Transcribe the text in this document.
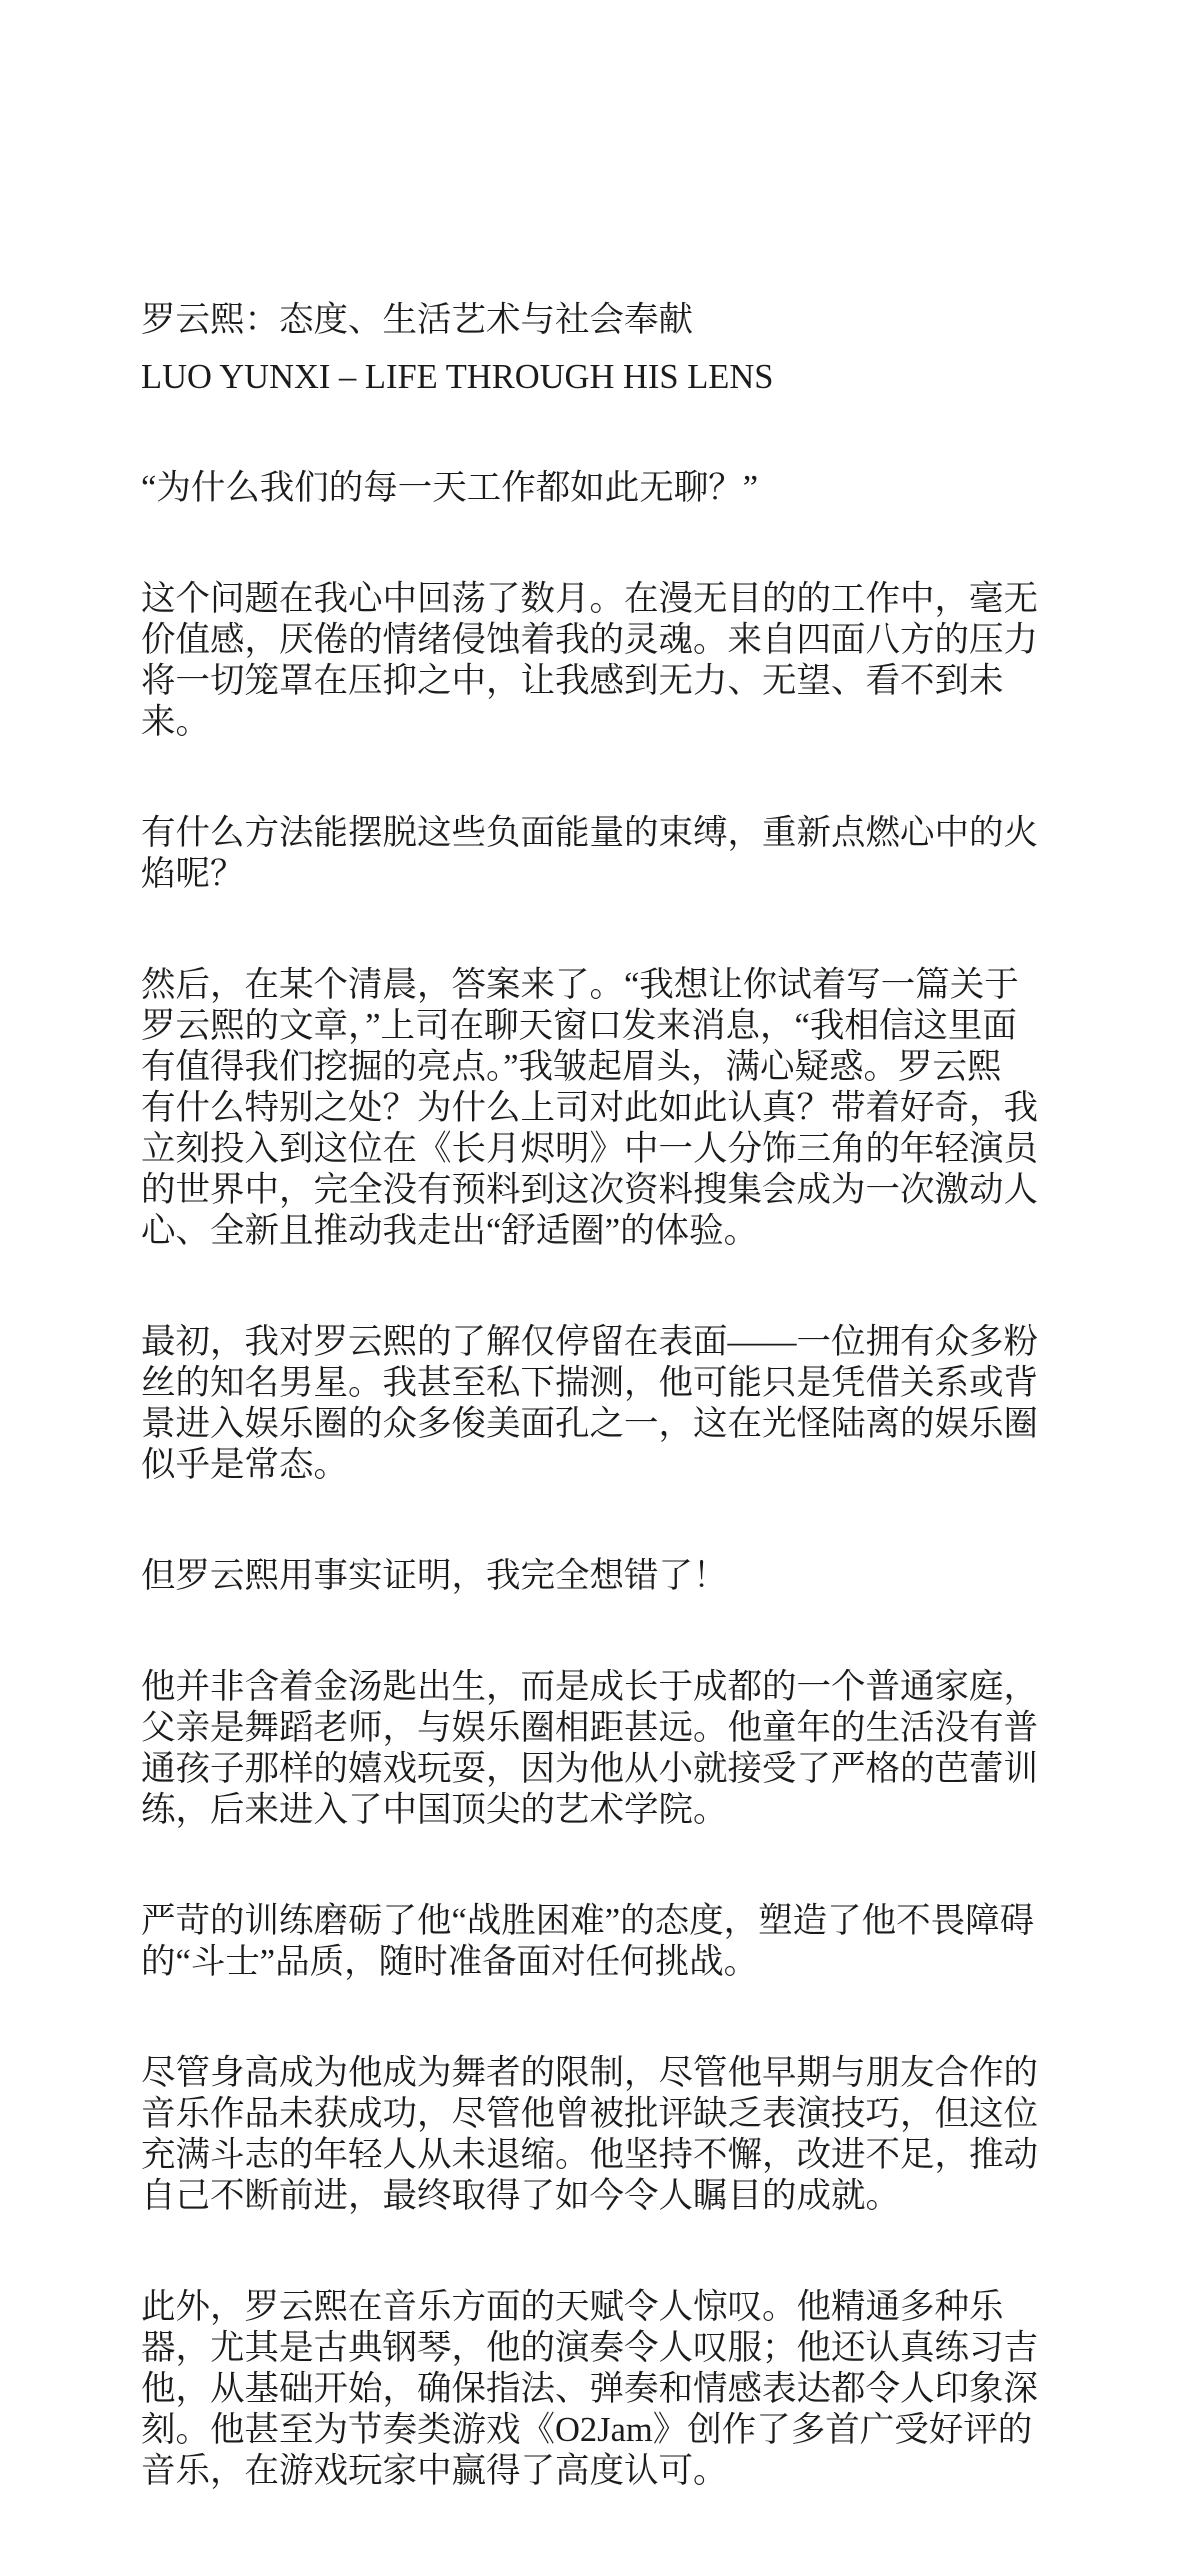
罗云熙：态度、生活艺术与社会奉献
LUO YUNXI – LIFE THROUGH HIS LENS
“为什么我们的每一天工作都如此无聊？”
这个问题在我心中回荡了数月。在漫无目的的工作中，毫无
价值感，厌倦的情绪侵蚀着我的灵魂。来自四面八方的压力
将一切笼罩在压抑之中，让我感到无力、无望、看不到未
来。
有什么方法能摆脱这些负面能量的束缚，重新点燃心中的火
焰呢？
然后，在某个清晨，答案来了。“我想让你试着写一篇关于
罗云熙的文章，”上司在聊天窗口发来消息，“我相信这里面
有值得我们挖掘的亮点。”我皱起眉头，满心疑惑。罗云熙
有什么特别之处？为什么上司对此如此认真？带着好奇，我
立刻投入到这位在《长月烬明》中一人分饰三角的年轻演员
的世界中，完全没有预料到这次资料搜集会成为一次激动人
心、全新且推动我走出“舒适圈”的体验。
最初，我对罗云熙的了解仅停留在表面——一位拥有众多粉
丝的知名男星。我甚至私下揣测，他可能只是凭借关系或背
景进入娱乐圈的众多俊美面孔之一，这在光怪陆离的娱乐圈
似乎是常态。
但罗云熙用事实证明，我完全想错了！
他并非含着金汤匙出生，而是成长于成都的一个普通家庭，
父亲是舞蹈老师，与娱乐圈相距甚远。他童年的生活没有普
通孩子那样的嬉戏玩耍，因为他从小就接受了严格的芭蕾训
练，后来进入了中国顶尖的艺术学院。
严苛的训练磨砺了他“战胜困难”的态度，塑造了他不畏障碍
的“斗士”品质，随时准备面对任何挑战。
尽管身高成为他成为舞者的限制，尽管他早期与朋友合作的
音乐作品未获成功，尽管他曾被批评缺乏表演技巧，但这位
充满斗志的年轻人从未退缩。他坚持不懈，改进不足，推动
自己不断前进，最终取得了如今令人瞩目的成就。
此外，罗云熙在音乐方面的天赋令人惊叹。他精通多种乐
器，尤其是古典钢琴，他的演奏令人叹服；他还认真练习吉
他，从基础开始，确保指法、弹奏和情感表达都令人印象深
刻。他甚至为节奏类游戏《O2Jam》创作了多首广受好评的
音乐，在游戏玩家中赢得了高度认可。
